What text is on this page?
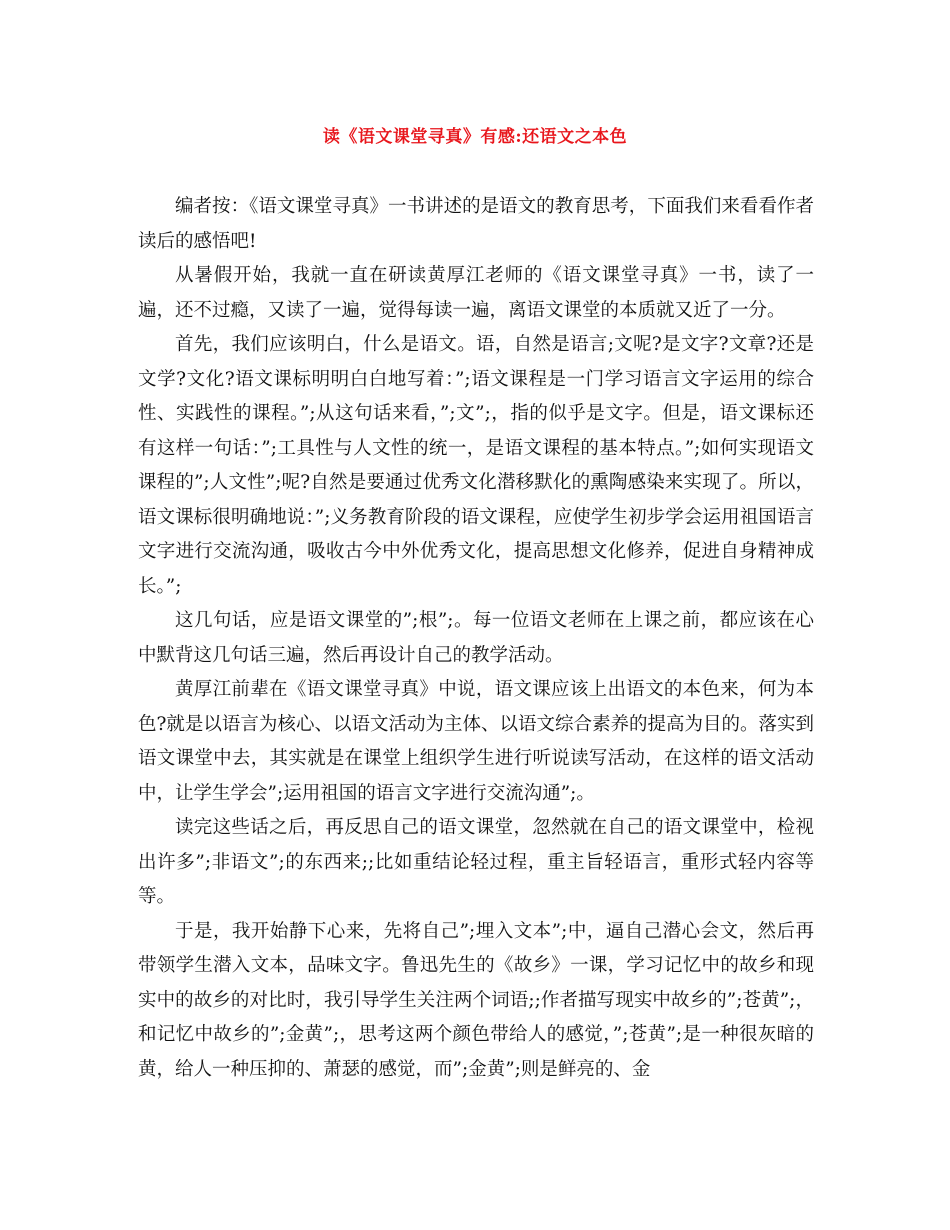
读《语文课堂寻真》有感:还语文之本色

编者按：《语文课堂寻真》一书讲述的是语文的教育思考，下面我们来看看作者读后的感悟吧!

从暑假开始，我就一直在研读黄厚江老师的《语文课堂寻真》一书，读了一遍，还不过瘾，又读了一遍，觉得每读一遍，离语文课堂的本质就又近了一分。

首先，我们应该明白，什么是语文。语，自然是语言;文呢?是文字?文章?还是文学?文化?语文课标明明白白地写着：”;语文课程是一门学习语言文字运用的综合性、实践性的课程。”;从这句话来看，”;文”;，指的似乎是文字。但是，语文课标还有这样一句话：”;工具性与人文性的统一，是语文课程的基本特点。”;如何实现语文课程的”;人文性”;呢?自然是要通过优秀文化潜移默化的熏陶感染来实现了。所以，语文课标很明确地说：”;义务教育阶段的语文课程，应使学生初步学会运用祖国语言文字进行交流沟通，吸收古今中外优秀文化，提高思想文化修养，促进自身精神成长。”;

这几句话，应是语文课堂的”;根”;。每一位语文老师在上课之前，都应该在心中默背这几句话三遍，然后再设计自己的教学活动。

黄厚江前辈在《语文课堂寻真》中说，语文课应该上出语文的本色来，何为本色?就是以语言为核心、以语文活动为主体、以语文综合素养的提高为目的。落实到语文课堂中去，其实就是在课堂上组织学生进行听说读写活动，在这样的语文活动中，让学生学会”;运用祖国的语言文字进行交流沟通”;。

读完这些话之后，再反思自己的语文课堂，忽然就在自己的语文课堂中，检视出许多”;非语文”;的东西来;;比如重结论轻过程，重主旨轻语言，重形式轻内容等等。

于是，我开始静下心来，先将自己”;埋入文本”;中，逼自己潜心会文，然后再带领学生潜入文本，品味文字。鲁迅先生的《故乡》一课，学习记忆中的故乡和现实中的故乡的对比时，我引导学生关注两个词语;;作者描写现实中故乡的”;苍黄”;，和记忆中故乡的”;金黄”;，思考这两个颜色带给人的感觉，”;苍黄”;是一种很灰暗的黄，给人一种压抑的、萧瑟的感觉，而”;金黄”;则是鲜亮的、金
